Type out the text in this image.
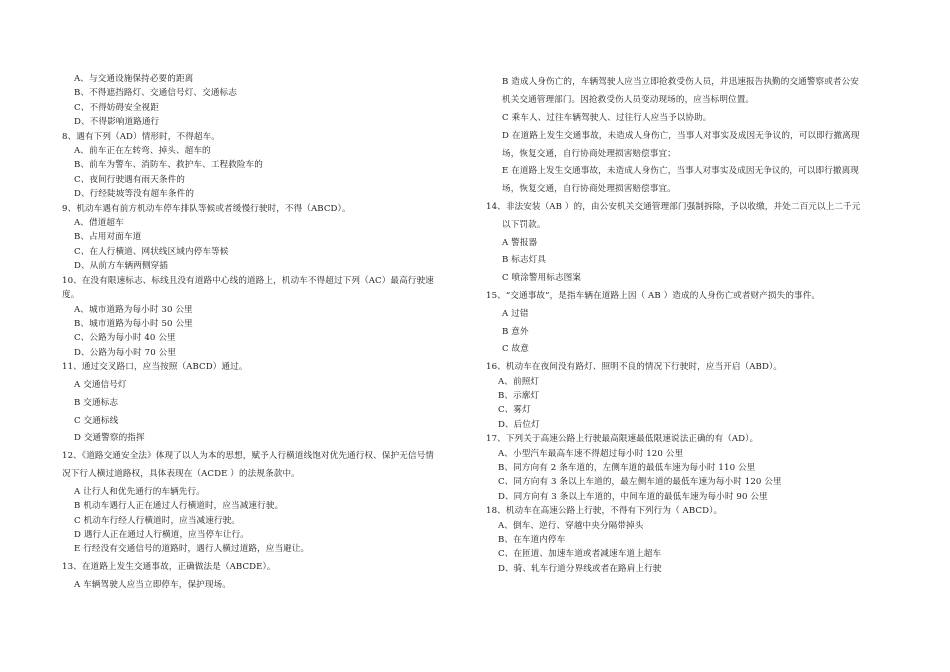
A、与交通设施保持必要的距离
B、不得遮挡路灯、交通信号灯、交通标志
C、不得妨碍安全视距
D、不得影响道路通行
8、遇有下列（AD）情形时，不得超车。
A、前车正在左转弯、掉头、超车的
B、前车为警车、消防车、救护车、工程救险车的
C、夜间行驶遇有雨天条件的
D、行经陡坡等没有超车条件的
9、机动车遇有前方机动车停车排队等候或者缓慢行驶时，不得（ABCD）。
A、借道超车
B、占用对面车道
C、在人行横道、网状线区域内停车等候
D、从前方车辆两侧穿插
10、在没有限速标志、标线且没有道路中心线的道路上，机动车不得超过下列（AC）最高行驶速
度。
A、城市道路为每小时 30 公里
B、城市道路为每小时 50 公里
C、公路为每小时 40 公里
D、公路为每小时 70 公里
11、通过交叉路口，应当按照（ABCD）通过。
A 交通信号灯
B 交通标志
C 交通标线
D 交通警察的指挥
12、《道路交通安全法》体现了以人为本的思想，赋予人行横道线饱对优先通行权、保护无信号情
况下行人横过道路权，具体表现在（ACDE ）的法规条款中。
A 让行人和优先通行的车辆先行。
B 机动车遇行人正在通过人行横道时，应当减速行驶。
C 机动车行经人行横道时，应当减速行驶。
D 遇行人正在通过人行横道，应当停车让行。
E 行经没有交通信号的道路时，遇行人横过道路，应当避让。
13、在道路上发生交通事故，正确做法是（ABCDE）。
A 车辆驾驶人应当立即停车，保护现场。
B 造成人身伤亡的，车辆驾驶人应当立即抢救受伤人员，并迅速报告执勤的交通警察或者公安
机关交通管理部门。因抢救受伤人员变动现场的，应当标明位置。
C 乘车人、过往车辆驾驶人、过往行人应当予以协助。
D 在道路上发生交通事故，未造成人身伤亡，当事人对事实及成因无争议的，可以即行撤离现
场，恢复交通，自行协商处理损害赔偿事宜；
E 在道路上发生交通事故，未造成人身伤亡，当事人对事实及成因无争议的，可以即行撤离现
场，恢复交通，自行协商处理损害赔偿事宜。
14、非法安装（AB ）的，由公安机关交通管理部门强制拆除，予以收缴，并处二百元以上二千元
以下罚款。
A 警报器
B 标志灯具
C 喷涂警用标志图案
15、“交通事故”，是指车辆在道路上因（ AB ）造成的人身伤亡或者财产损失的事件。
A 过错
B 意外
C 故意
16、机动车在夜间没有路灯、照明不良的情况下行驶时，应当开启（ABD）。
A、前照灯
B、示廓灯
C、雾灯
D、后位灯
17、下列关于高速公路上行驶最高限速最低限速说法正确的有（AD）。
A、小型汽车最高车速不得超过每小时 120 公里
B、同方向有 2 条车道的，左侧车道的最低车速为每小时 110 公里
C、同方向有 3 条以上车道的，最左侧车道的最低车速为每小时 120 公里
D、同方向有 3 条以上车道的，中间车道的最低车速为每小时 90 公里
18、机动车在高速公路上行驶，不得有下列行为（ ABCD）。
A、倒车、逆行、穿越中央分隔带掉头
B、在车道内停车
C、在匝道、加速车道或者减速车道上超车
D、骑、轧车行道分界线或者在路肩上行驶
